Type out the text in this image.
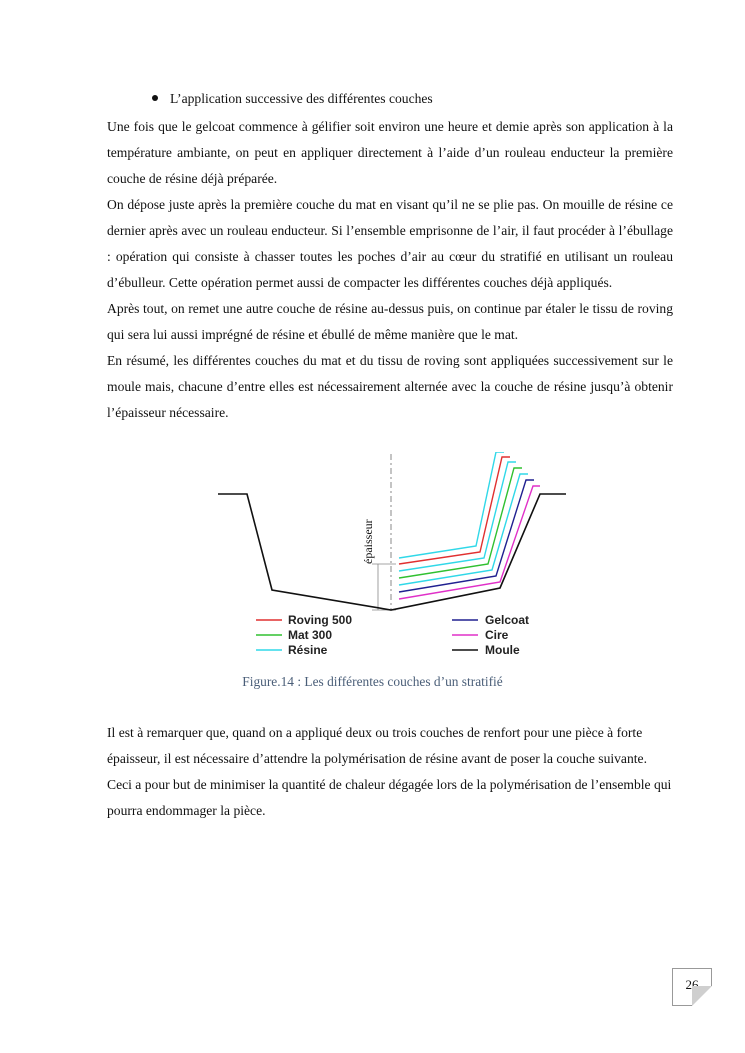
L’application successive des différentes couches

Une fois que le gelcoat commence à gélifier soit environ une heure et demie après son application à la température ambiante, on peut en appliquer directement à l’aide d’un rouleau enducteur la première couche de résine déjà préparée.

On dépose juste après la première couche du mat en visant qu’il ne se plie pas. On mouille de résine ce dernier après avec un rouleau enducteur. Si l’ensemble emprisonne de l’air, il faut procéder à l’ébullage : opération qui consiste à chasser toutes les poches d’air au cœur du stratifié en utilisant un rouleau d’ébulleur. Cette opération permet aussi de compacter les différentes couches déjà appliqués.

Après tout, on remet une autre couche de résine au-dessus puis, on continue par étaler le tissu de roving qui sera lui aussi imprégné de résine et ébullé de même manière que le mat.

En résumé, les différentes couches du mat et du tissu de roving sont appliquées successivement sur le moule mais, chacune d’entre elles est nécessairement alternée avec la couche de résine jusqu’à obtenir l’épaisseur nécessaire.

épaisseur
Roving 500
Mat 300
Résine
Gelcoat
Cire
Moule
Figure.14 : Les différentes couches d’un stratifié

Il est à remarquer que, quand on a appliqué deux ou trois couches de renfort pour une pièce à forte épaisseur, il est nécessaire d’attendre la polymérisation de résine avant de poser la couche suivante. Ceci a pour but de minimiser la quantité de chaleur dégagée lors de la polymérisation de l’ensemble qui pourra endommager la pièce.

26
